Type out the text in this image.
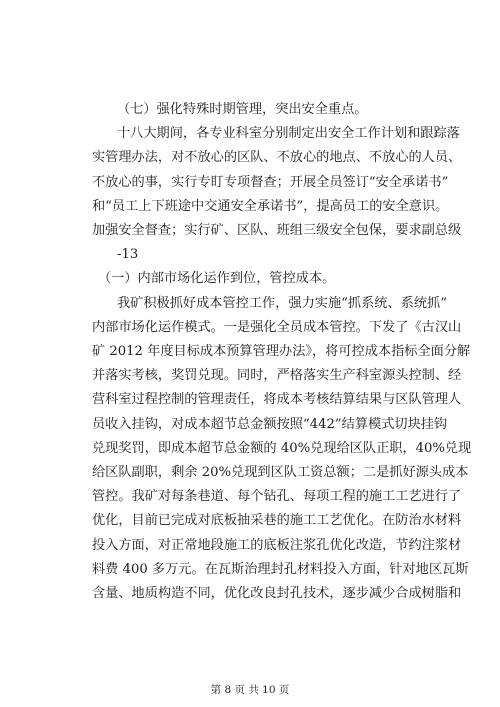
（七）强化特殊时期管理，突出安全重点。
十八大期间，各专业科室分别制定出安全工作计划和跟踪落
实管理办法，对不放心的区队、不放心的地点、不放心的人员、
不放心的事，实行专盯专项督查；开展全员签订“安全承诺书”
和“员工上下班途中交通安全承诺书”，提高员工的安全意识。
加强安全督查；实行矿、区队、班组三级安全包保，要求副总级
-13
（一）内部市场化运作到位，管控成本。
我矿积极抓好成本管控工作，强力实施“抓系统、系统抓”
内部市场化运作模式。一是强化全员成本管控。下发了《古汉山
矿 2012 年度目标成本预算管理办法》，将可控成本指标全面分解
并落实考核，奖罚兑现。同时，严格落实生产科室源头控制、经
营科室过程控制的管理责任，将成本考核结算结果与区队管理人
员收入挂钩，对成本超节总金额按照“442”结算模式切块挂钩
兑现奖罚，即成本超节总金额的 40%兑现给区队正职，40%兑现
给区队副职，剩余 20%兑现到区队工资总额；二是抓好源头成本
管控。我矿对每条巷道、每个钻孔、每项工程的施工工艺进行了
优化，目前已完成对底板抽采巷的施工工艺优化。在防治水材料
投入方面，对正常地段施工的底板注浆孔优化改造，节约注浆材
料费 400 多万元。在瓦斯治理封孔材料投入方面，针对地区瓦斯
含量、地质构造不同，优化改良封孔技术，逐步减少合成树脂和
第 8 页 共 10 页
